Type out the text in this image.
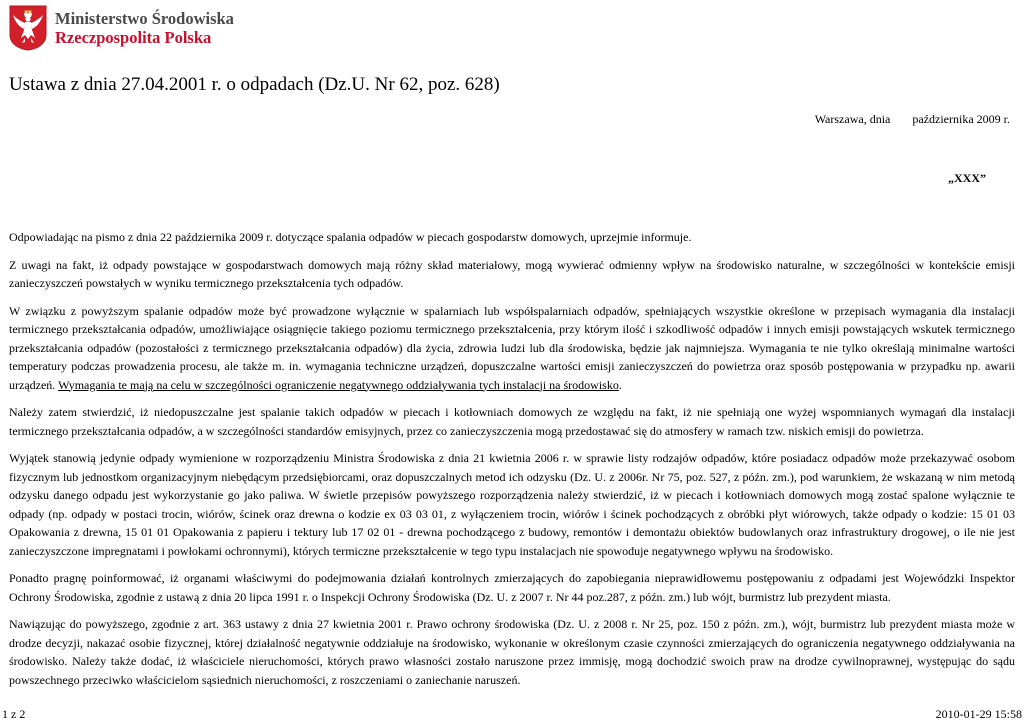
Ministerstwo Środowiska
Rzeczpospolita Polska
Ustawa z dnia 27.04.2001 r. o odpadach (Dz.U. Nr 62, poz. 628)
Warszawa, dnia października 2009 r.
„XXX”

Odpowiadając na pismo z dnia 22 października 2009 r. dotyczące spalania odpadów w piecach gospodarstw domowych, uprzejmie informuje.

Z uwagi na fakt, iż odpady powstające w gospodarstwach domowych mają różny skład materiałowy, mogą wywierać odmienny wpływ na środowisko naturalne, w szczególności w kontekście emisji zanieczyszczeń powstałych w wyniku termicznego przekształcenia tych odpadów.

W związku z powyższym spalanie odpadów może być prowadzone wyłącznie w spalarniach lub współspalarniach odpadów, spełniających wszystkie określone w przepisach wymagania dla instalacji termicznego przekształcania odpadów, umożliwiające osiągnięcie takiego poziomu termicznego przekształcenia, przy którym ilość i szkodliwość odpadów i innych emisji powstających wskutek termicznego przekształcania odpadów (pozostałości z termicznego przekształcania odpadów) dla życia, zdrowia ludzi lub dla środowiska, będzie jak najmniejsza. Wymagania te nie tylko określają minimalne wartości temperatury podczas prowadzenia procesu, ale także m. in. wymagania techniczne urządzeń, dopuszczalne wartości emisji zanieczyszczeń do powietrza oraz sposób postępowania w przypadku np. awarii urządzeń. Wymagania te mają na celu w szczególności ograniczenie negatywnego oddziaływania tych instalacji na środowisko.

Należy zatem stwierdzić, iż niedopuszczalne jest spalanie takich odpadów w piecach i kotłowniach domowych ze względu na fakt, iż nie spełniają one wyżej wspomnianych wymagań dla instalacji termicznego przekształcania odpadów, a w szczególności standardów emisyjnych, przez co zanieczyszczenia mogą przedostawać się do atmosfery w ramach tzw. niskich emisji do powietrza.

Wyjątek stanowią jedynie odpady wymienione w rozporządzeniu Ministra Środowiska z dnia 21 kwietnia 2006 r. w sprawie listy rodzajów odpadów, które posiadacz odpadów może przekazywać osobom fizycznym lub jednostkom organizacyjnym niebędącym przedsiębiorcami, oraz dopuszczalnych metod ich odzysku (Dz. U. z 2006r. Nr 75, poz. 527, z późn. zm.), pod warunkiem, że wskazaną w nim metodą odzysku danego odpadu jest wykorzystanie go jako paliwa. W świetle przepisów powyższego rozporządzenia należy stwierdzić, iż w piecach i kotłowniach domowych mogą zostać spalone wyłącznie te odpady (np. odpady w postaci trocin, wiórów, ścinek oraz drewna o kodzie ex 03 03 01, z wyłączeniem trocin, wiórów i ścinek pochodzących z obróbki płyt wiórowych, także odpady o kodzie: 15 01 03 Opakowania z drewna, 15 01 01 Opakowania z papieru i tektury lub 17 02 01 - drewna pochodzącego z budowy, remontów i demontażu obiektów budowlanych oraz infrastruktury drogowej, o ile nie jest zanieczyszczone impregnatami i powłokami ochronnymi), których termiczne przekształcenie w tego typu instalacjach nie spowoduje negatywnego wpływu na środowisko.

Ponadto pragnę poinformować, iż organami właściwymi do podejmowania działań kontrolnych zmierzających do zapobiegania nieprawidłowemu postępowaniu z odpadami jest Wojewódzki Inspektor Ochrony Środowiska, zgodnie z ustawą z dnia 20 lipca 1991 r. o Inspekcji Ochrony Środowiska (Dz. U. z 2007 r. Nr 44 poz.287, z późn. zm.) lub wójt, burmistrz lub prezydent miasta.

Nawiązując do powyższego, zgodnie z art. 363 ustawy z dnia 27 kwietnia 2001 r. Prawo ochrony środowiska (Dz. U. z 2008 r. Nr 25, poz. 150 z późn. zm.), wójt, burmistrz lub prezydent miasta może w drodze decyzji, nakazać osobie fizycznej, której działalność negatywnie oddziałuje na środowisko, wykonanie w określonym czasie czynności zmierzających do ograniczenia negatywnego oddziaływania na środowisko. Należy także dodać, iż właściciele nieruchomości, których prawo własności zostało naruszone przez immisję, mogą dochodzić swoich praw na drodze cywilnoprawnej, występując do sądu powszechnego przeciwko właścicielom sąsiednich nieruchomości, z roszczeniami o zaniechanie naruszeń.

1 z 2	2010-01-29 15:58
